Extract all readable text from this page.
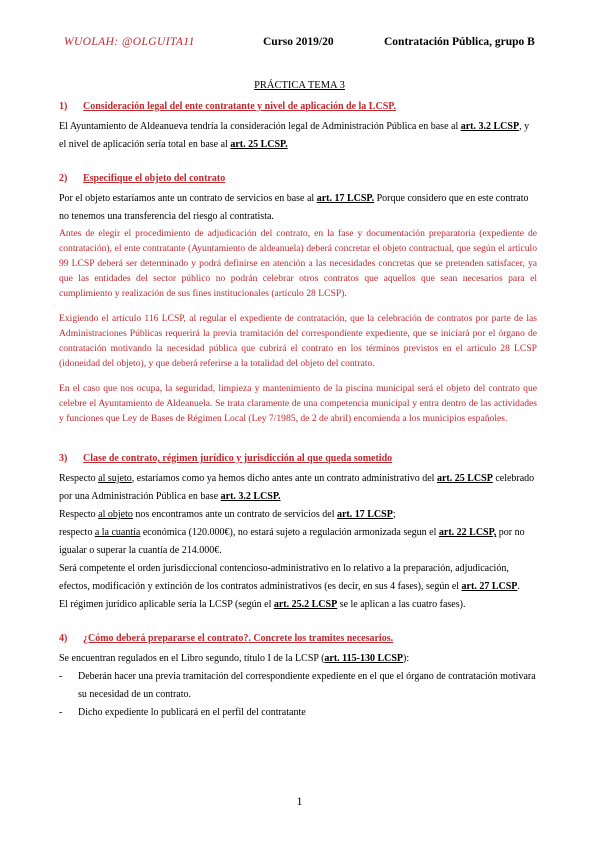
WUOLAH: @OLGUITA11	Curso 2019/20	Contratación Pública, grupo B
PRÁCTICA TEMA 3
1) Consideración legal del ente contratante y nivel de aplicación de la LCSP.

El Ayuntamiento de Aldeanueva tendría la consideración legal de Administración Pública en base al art. 3.2 LCSP, y el nivel de aplicación sería total en base al art. 25 LCSP.

2) Especifique el objeto del contrato

Por el objeto estaríamos ante un contrato de servicios en base al art. 17 LCSP. Porque considero que en este contrato no tenemos una transferencia del riesgo al contratista.

Antes de elegir el procedimiento de adjudicación del contrato, en la fase y documentación preparatoria (expediente de contratación), el ente contratante (Ayuntamiento de aldeanuela) deberá concretar el objeto contractual, que según el artículo 99 LCSP deberá ser determinado y podrá definirse en atención a las necesidades concretas que se pretenden satisfacer, ya que las entidades del sector público no podrán celebrar otros contratos que aquellos que sean necesarios para el cumplimiento y realización de sus fines institucionales (artículo 28 LCSP).

Exigiendo el artículo 116 LCSP, al regular el expediente de contratación, que la celebración de contratos por parte de las Administraciones Públicas requerirá la previa tramitación del correspondiente expediente, que se iniciará por el órgano de contratación motivando la necesidad pública que cubrirá el contrato en los términos previstos en el artículo 28 LCSP (idoneidad del objeto), y que deberá referirse a la totalidad del objeto del contrato.

En el caso que nos ocupa, la seguridad, limpieza y mantenimiento de la piscina municipal será el objeto del contrato que celebre el Ayuntamiento de Aldeanuela. Se trata claramente de una competencia municipal y entra dentro de las actividades y funciones que Ley de Bases de Régimen Local (Ley 7/1985, de 2 de abril) encomienda a los municipios españoles.

3) Clase de contrato, régimen jurídico y jurisdicción al que queda sometido

Respecto al sujeto, estaríamos como ya hemos dicho antes ante un contrato administrativo del art. 25 LCSP celebrado por una Administración Pública en base art. 3.2 LCSP.

Respecto al objeto nos encontramos ante un contrato de servicios del art. 17 LCSP;

respecto a la cuantía económica (120.000€), no estará sujeto a regulación armonizada segun el art. 22 LCSP, por no igualar o superar la cuantía de 214.000€.

Será competente el orden jurisdiccional contencioso-administrativo en lo relativo a la preparación, adjudicación, efectos, modificación y extinción de los contratos administrativos (es decir, en sus 4 fases), según el art. 27 LCSP.

El régimen jurídico aplicable sería la LCSP (según el art. 25.2 LCSP se le aplican a las cuatro fases).

4) ¿Cómo deberá prepararse el contrato?. Concrete los tramites necesarios.

Se encuentran regulados en el Libro segundo, título I de la LCSP (art. 115-130 LCSP):

- Deberán hacer una previa tramitación del correspondiente expediente en el que el órgano de contratación motivara su necesidad de un contrato.
- Dicho expediente lo publicará en el perfil del contratante
1
